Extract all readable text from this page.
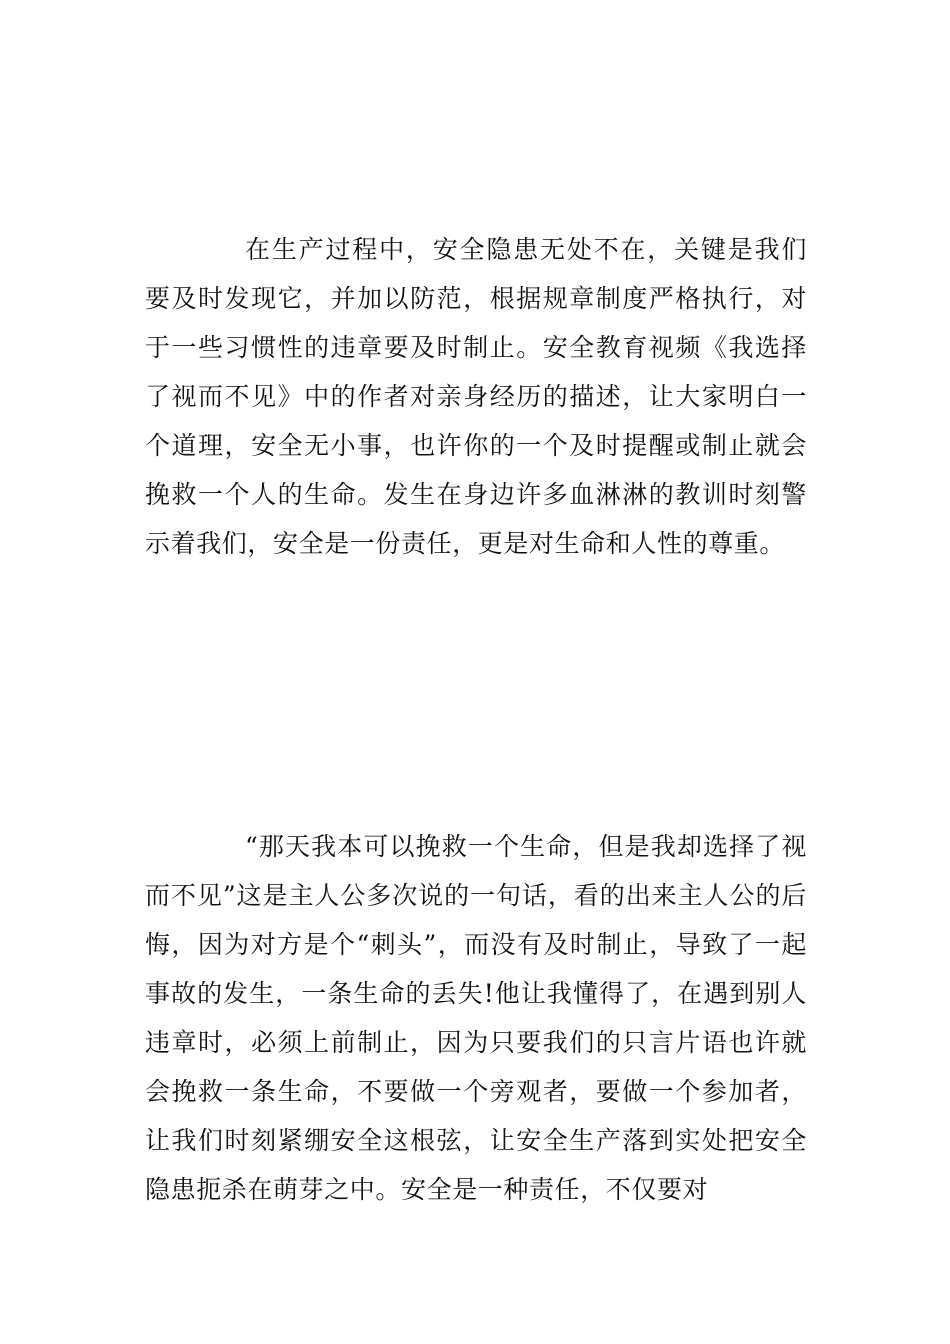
在生产过程中，安全隐患无处不在，关键是我们要及时发现它，并加以防范，根据规章制度严格执行，对于一些习惯性的违章要及时制止。安全教育视频《我选择了视而不见》中的作者对亲身经历的描述，让大家明白一个道理，安全无小事，也许你的一个及时提醒或制止就会挽救一个人的生命。发生在身边许多血淋淋的教训时刻警示着我们，安全是一份责任，更是对生命和人性的尊重。

“那天我本可以挽救一个生命，但是我却选择了视而不见”这是主人公多次说的一句话，看的出来主人公的后悔，因为对方是个“刺头”，而没有及时制止，导致了一起事故的发生，一条生命的丢失!他让我懂得了，在遇到别人违章时，必须上前制止，因为只要我们的只言片语也许就会挽救一条生命，不要做一个旁观者，要做一个参加者，让我们时刻紧绷安全这根弦，让安全生产落到实处把安全隐患扼杀在萌芽之中。安全是一种责任，不仅要对
